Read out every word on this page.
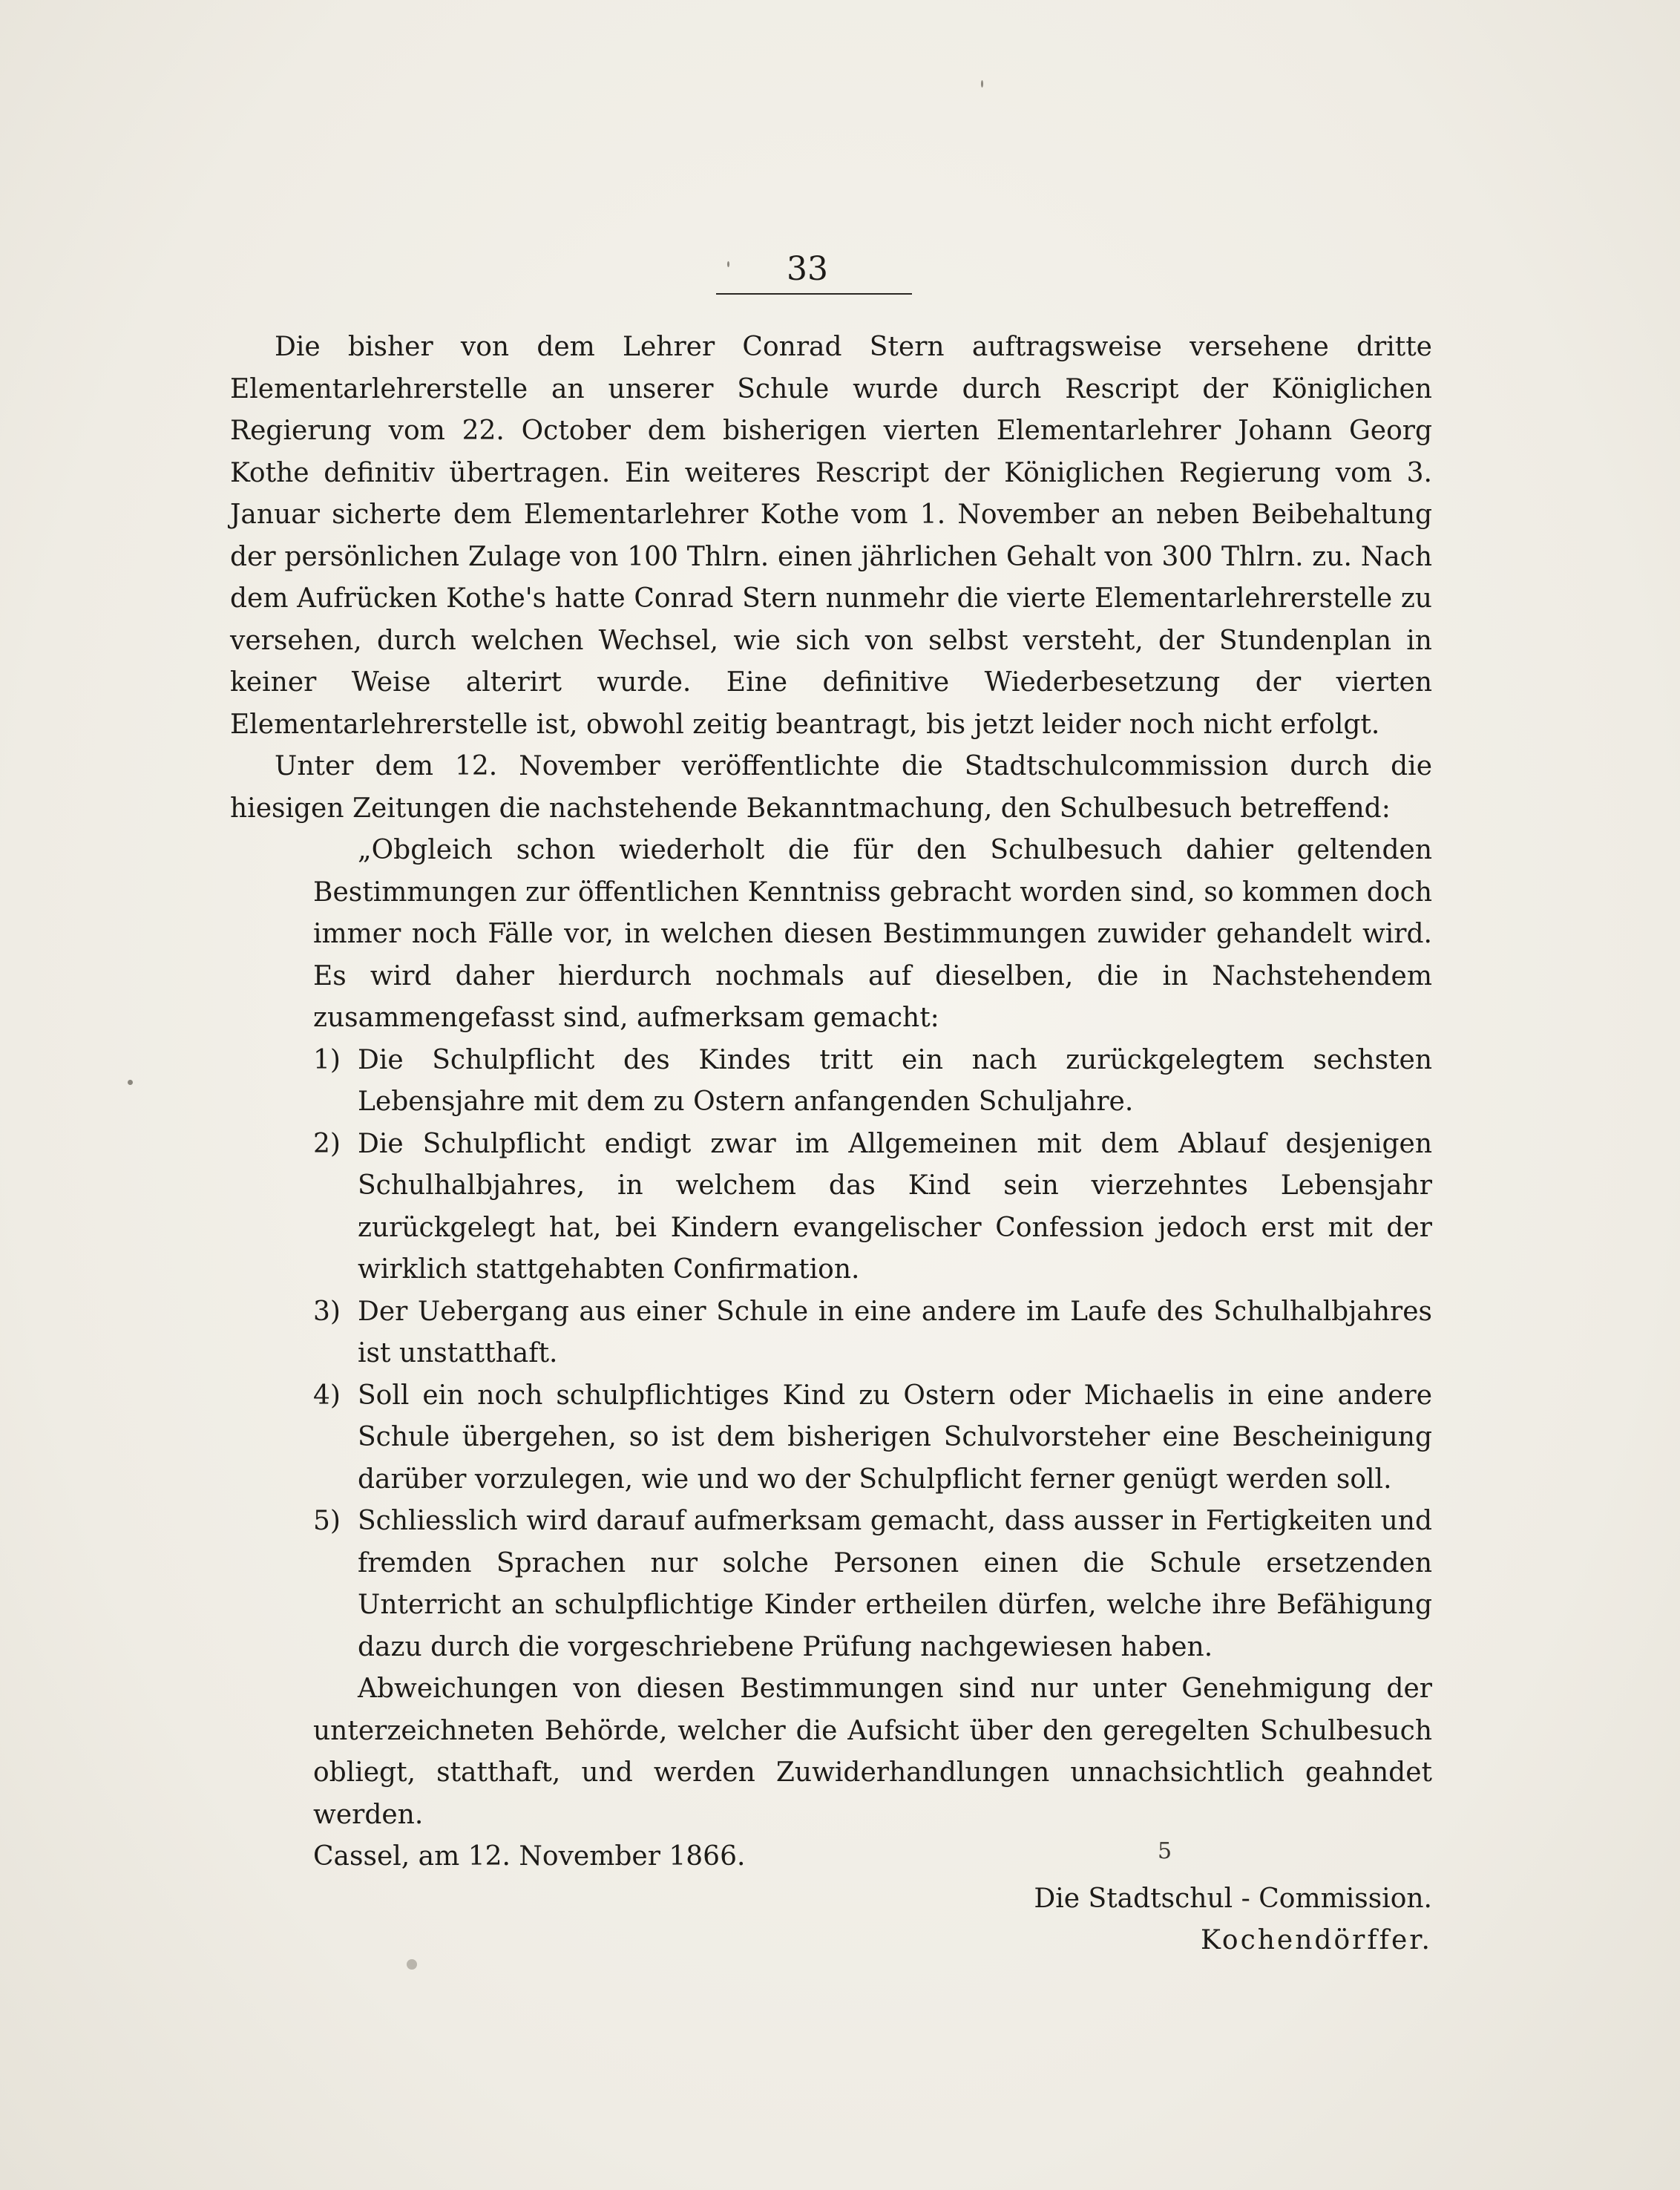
33

Die bisher von dem Lehrer Conrad Stern auftragsweise versehene dritte Elementarlehrerstelle an unserer Schule wurde durch Rescript der Königlichen Regierung vom 22. October dem bisherigen vierten Elementarlehrer Johann Georg Kothe definitiv übertragen. Ein weiteres Rescript der Königlichen Regierung vom 3. Januar sicherte dem Elementarlehrer Kothe vom 1. November an neben Beibehaltung der persönlichen Zulage von 100 Thlrn. einen jährlichen Gehalt von 300 Thlrn. zu. Nach dem Aufrücken Kothe's hatte Conrad Stern nunmehr die vierte Elementarlehrerstelle zu versehen, durch welchen Wechsel, wie sich von selbst versteht, der Stundenplan in keiner Weise alterirt wurde. Eine definitive Wiederbesetzung der vierten Elementarlehrerstelle ist, obwohl zeitig beantragt, bis jetzt leider noch nicht erfolgt.

Unter dem 12. November veröffentlichte die Stadtschulcommission durch die hiesigen Zeitungen die nachstehende Bekanntmachung, den Schulbesuch betreffend:

„Obgleich schon wiederholt die für den Schulbesuch dahier geltenden Bestimmungen zur öffentlichen Kenntniss gebracht worden sind, so kommen doch immer noch Fälle vor, in welchen diesen Bestimmungen zuwider gehandelt wird. Es wird daher hierdurch nochmals auf dieselben, die in Nachstehendem zusammengefasst sind, aufmerksam gemacht:

1) Die Schulpflicht des Kindes tritt ein nach zurückgelegtem sechsten Lebensjahre mit dem zu Ostern anfangenden Schuljahre.
2) Die Schulpflicht endigt zwar im Allgemeinen mit dem Ablauf desjenigen Schulhalbjahres, in welchem das Kind sein vierzehntes Lebensjahr zurückgelegt hat, bei Kindern evangelischer Confession jedoch erst mit der wirklich stattgehabten Confirmation.
3) Der Uebergang aus einer Schule in eine andere im Laufe des Schulhalbjahres ist unstatthaft.
4) Soll ein noch schulpflichtiges Kind zu Ostern oder Michaelis in eine andere Schule übergehen, so ist dem bisherigen Schulvorsteher eine Bescheinigung darüber vorzulegen, wie und wo der Schulpflicht ferner genügt werden soll.
5) Schliesslich wird darauf aufmerksam gemacht, dass ausser in Fertigkeiten und fremden Sprachen nur solche Personen einen die Schule ersetzenden Unterricht an schulpflichtige Kinder ertheilen dürfen, welche ihre Befähigung dazu durch die vorgeschriebene Prüfung nachgewiesen haben.

Abweichungen von diesen Bestimmungen sind nur unter Genehmigung der unterzeichneten Behörde, welcher die Aufsicht über den geregelten Schulbesuch obliegt, statthaft, und werden Zuwiderhandlungen unnachsichtlich geahndet werden.

Cassel, am 12. November 1866.

Die Stadtschul - Commission.

Kochendörffer.

5
